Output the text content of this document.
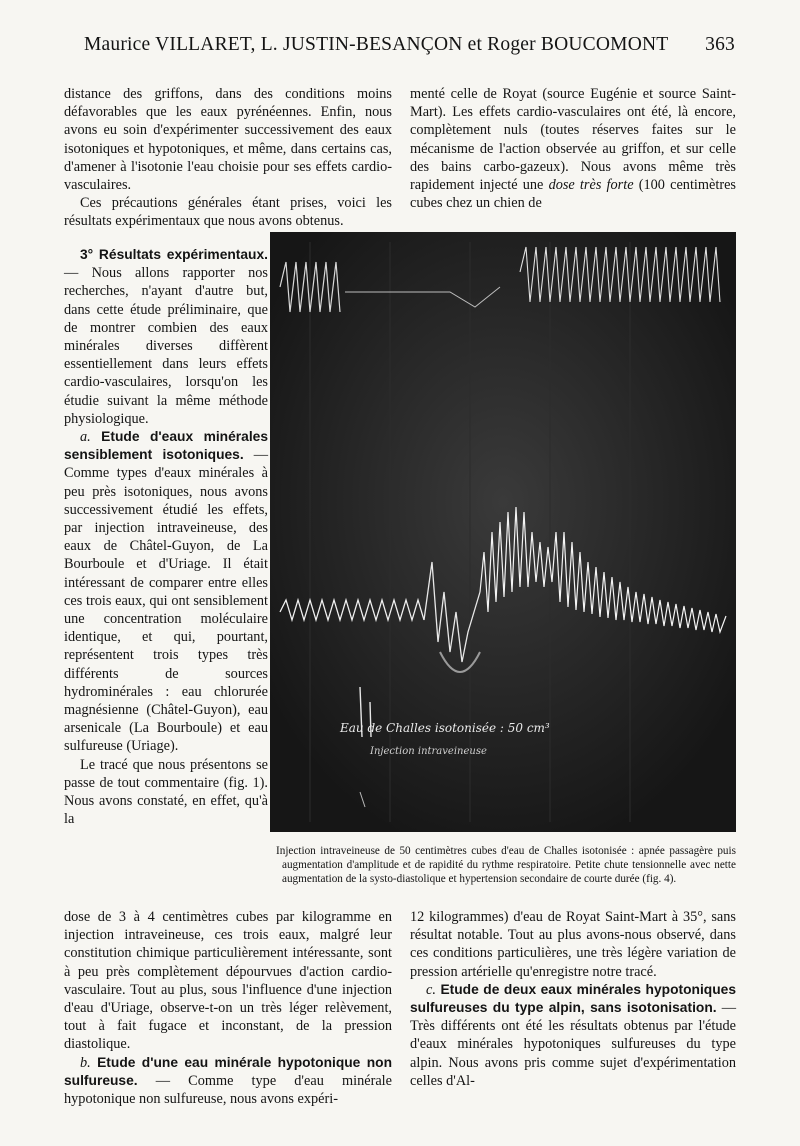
Maurice VILLARET, L. JUSTIN-BESANÇON et Roger BOUCOMONT 363

distance des griffons, dans des conditions moins défavorables que les eaux pyrénéennes. Enfin, nous avons eu soin d'expérimenter successivement des eaux isotoniques et hypotoniques, et même, dans certains cas, d'amener à l'isotonie l'eau choisie pour ses effets cardio-vasculaires.

Ces précautions générales étant prises, voici les résultats expérimentaux que nous avons obtenus.

menté celle de Royat (source Eugénie et source Saint-Mart). Les effets cardio-vasculaires ont été, là encore, complètement nuls (toutes réserves faites sur le mécanisme de l'action observée au griffon, et sur celle des bains carbo-gazeux). Nous avons même très rapidement injecté une dose très forte (100 centimètres cubes chez un chien de

3° Résultats expérimentaux. — Nous allons rapporter nos recherches, n'ayant d'autre but, dans cette étude préliminaire, que de montrer combien des eaux minérales diverses diffèrent essentiellement dans leurs effets cardio-vasculaires, lorsqu'on les étudie suivant la même méthode physiologique.

a. Etude d'eaux minérales sensiblement isotoniques. — Comme types d'eaux minérales à peu près isotoniques, nous avons successivement étudié les effets, par injection intraveineuse, des eaux de Châtel-Guyon, de La Bourboule et d'Uriage. Il était intéressant de comparer entre elles ces trois eaux, qui ont sensiblement une concentration moléculaire identique, et qui, pourtant, représentent trois types très différents de sources hydrominérales : eau chlorurée magnésienne (Châtel-Guyon), eau arsenicale (La Bourboule) et eau sulfureuse (Uriage).

Le tracé que nous présentons se passe de tout commentaire (fig. 1). Nous avons constaté, en effet, qu'à la

Eau de Challes isotonisée : 50 cm³
Injection intraveineuse

Injection intraveineuse de 50 centimètres cubes d'eau de Challes isotonisée : apnée passagère puis augmentation d'amplitude et de rapidité du rythme respiratoire. Petite chute tensionnelle avec nette augmentation de la systo-diastolique et hypertension secondaire de courte durée (fig. 4).

dose de 3 à 4 centimètres cubes par kilogramme en injection intraveineuse, ces trois eaux, malgré leur constitution chimique particulièrement intéressante, sont à peu près complètement dépourvues d'action cardio-vasculaire. Tout au plus, sous l'influence d'une injection d'eau d'Uriage, observe-t-on un très léger relèvement, tout à fait fugace et inconstant, de la pression diastolique.

b. Etude d'une eau minérale hypotonique non sulfureuse. — Comme type d'eau minérale hypotonique non sulfureuse, nous avons expéri-

12 kilogrammes) d'eau de Royat Saint-Mart à 35°, sans résultat notable. Tout au plus avons-nous observé, dans ces conditions particulières, une très légère variation de pression artérielle qu'enregistre notre tracé.

c. Etude de deux eaux minérales hypotoniques sulfureuses du type alpin, sans isotonisation. — Très différents ont été les résultats obtenus par l'étude d'eaux minérales hypotoniques sulfureuses du type alpin. Nous avons pris comme sujet d'expérimentation celles d'Al-
